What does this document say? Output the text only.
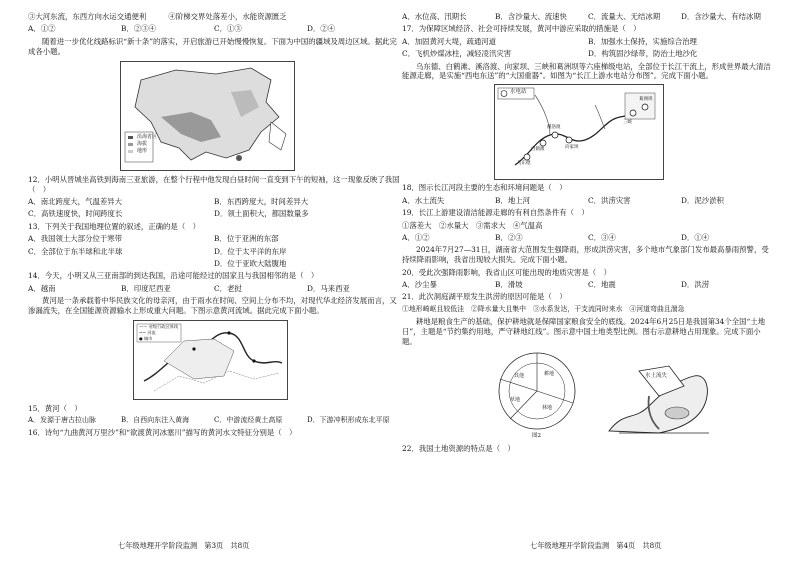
③大河东流，东西方向水运交通便利　　　④阶梯交界处落差小，水能资源匮乏
A．①②	B．②③④	C．①③	D．②④
随着进一步优化线路标识“新十条”的落实，开启旅游已开始慢慢恢复。下面为中国的疆域及周边区域。据此完成各小题。
沿海省区
海拔
地形
12．小明从晋城坐高铁到海南三亚旅游，在整个行程中他发现白昼时间一直变到下午的短袖，这一现象反映了我国（　）
A．南北跨度大，气温差异大	B．东西跨度大，时间差异大
C．高铁速度快，时间跨度长	D．领土面积大，都国数量多
13．下列关于我国地理位置的叙述，正确的是（　）
A．我国领土大部分位于寒带	B．位于亚洲的东部
C．全部位于东半球和北半球	D．位于太平洋的东岸
D．位于亚欧大陆腹地
14．今天，小明又从三亚南部的到达我国，沿途可能经过的国家且与我国相邻的是（　）
A．越南	B．印度尼西亚	C．老挝	D．马来西亚
黄河是一条承载着中华民族文化的母亲河，由于雨水在时间、空间上分布不均，对现代华北经济发展而言，又渗漏流失，在全国能源资源输水上形成重大问题。下图示意黄河流域。据此完成下面小题。
—— 省级行政区界线
~~ 河流
● 城市
15．黄河（　）
A．发源于唐古拉山脉	B．自西向东注入黄海	C．中游流经黄土高原	D．下游冲积形成东北平原
16．诗句“九曲黄河万里沙”和“欲渡黄河冰塞川”描写的黄河水文特征分别是（　）
A．水位高、汛期长	B．含沙量大、流速快	C．流量大、无结冰期	D．含沙量大、有结冰期
17．为保障区域经济、社会可持续发展，黄河中游应采取的措施是（　）
A．加固黄河大堤，疏通河道	B．加强水土保持，实施综合治理
C．飞机炒煤冰柱，减轻凌汛灾害	D．构筑固沙绿带，防治土地沙化
乌东德、白鹤滩、溪洛渡、向家坝、三峡和葛洲坝等六座梯级电站，全部位于长江干流上，形成世界最大清洁能源走廊，是实施“西电东送”的“大国重器”。如图为“长江上游水电站分布图”。完成下面小题。
水电站
乌东德
白鹤滩
溪洛渡
向家坝
三峡
葛洲坝
18．图示长江河段主要的生态和环境问题是（　）
A．水土流失	B．地上河	C．洪涝灾害	D．泥沙淤积
19．长江上游建设清洁能源走廊的有利自然条件有（　）
①落差大　②水量大　③需求大　④气温高
A．①②	B．②③	C．③④	D．①④
2024年7月27—31日，湖南省大范围发生强降雨，形成洪涝灾害，多个地市气象部门发布最高暴雨预警，受持续降雨影响，我省出现较大损失。完成下面小题。
20．受此次强降雨影响，我省山区可能出现的地质灾害是（　）
A．沙尘暴	B．滑坡	C．地震	D．洪涝
21．此次洞庭湖平原发生洪涝的原因可能是（　）
①地形崎岖且较低洼　②降水量大且集中　③水系发达，干支流同时来水　④河道弯曲且湍急
耕地是粮食生产的基础，保护耕地就是保障国家粮食安全的底线。2024年6月25日是我国第34个全国“土地日”，主题是“节约集约用地，严守耕地红线”。图示意中国土地类型比例。图右示意耕地占用现象。完成下面小题。
耕地
林地
草地
其他
图2
水土流失
22．我国土地资源的特点是（　）
七年级地理开学阶段监测　第3页　共8页	七年级地理开学阶段监测　第4页　共8页
